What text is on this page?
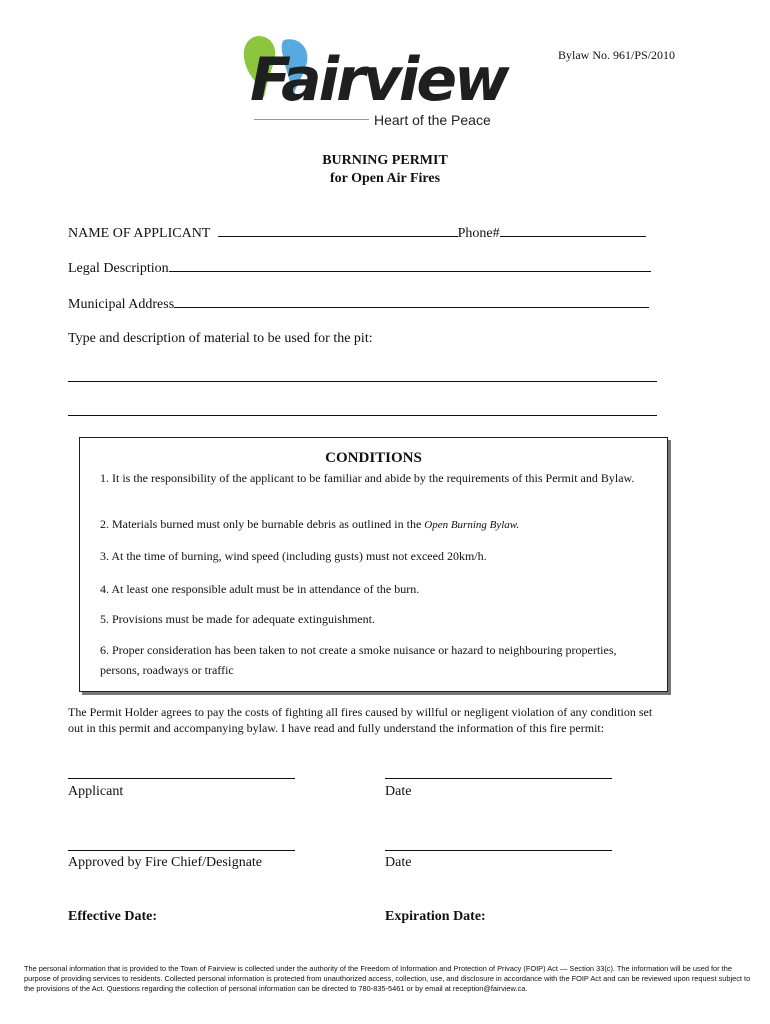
Bylaw No. 961/PS/2010
Fairview
Heart of the Peace
BURNING PERMIT
for Open Air Fires
NAME OF APPLICANT	Phone#
Legal Description
Municipal Address
Type and description of material to be used for the pit:
CONDITIONS
1. It is the responsibility of the applicant to be familiar and abide by the requirements of this Permit and Bylaw.
2. Materials burned must only be burnable debris as outlined in the Open Burning Bylaw.
3. At the time of burning, wind speed (including gusts) must not exceed 20km/h.
4. At least one responsible adult must be in attendance of the burn.
5. Provisions must be made for adequate extinguishment.
6. Proper consideration has been taken to not create a smoke nuisance or hazard to neighbouring properties, persons, roadways or traffic
The Permit Holder agrees to pay the costs of fighting all fires caused by willful or negligent violation of any condition set out in this permit and accompanying bylaw. I have read and fully understand the information of this fire permit:
Applicant	Date
Approved by Fire Chief/Designate	Date
Effective Date:	Expiration Date:
The personal information that is provided to the Town of Fairview is collected under the authority of the Freedom of Information and Protection of Privacy (FOIP) Act — Section 33(c). The information will be used for the purpose of providing services to residents. Collected personal information is protected from unauthorized access, collection, use, and disclosure in accordance with the FOIP Act and can be reviewed upon request subject to the provisions of the Act. Questions regarding the collection of personal information can be directed to 780-835-5461 or by email at reception@fairview.ca.
